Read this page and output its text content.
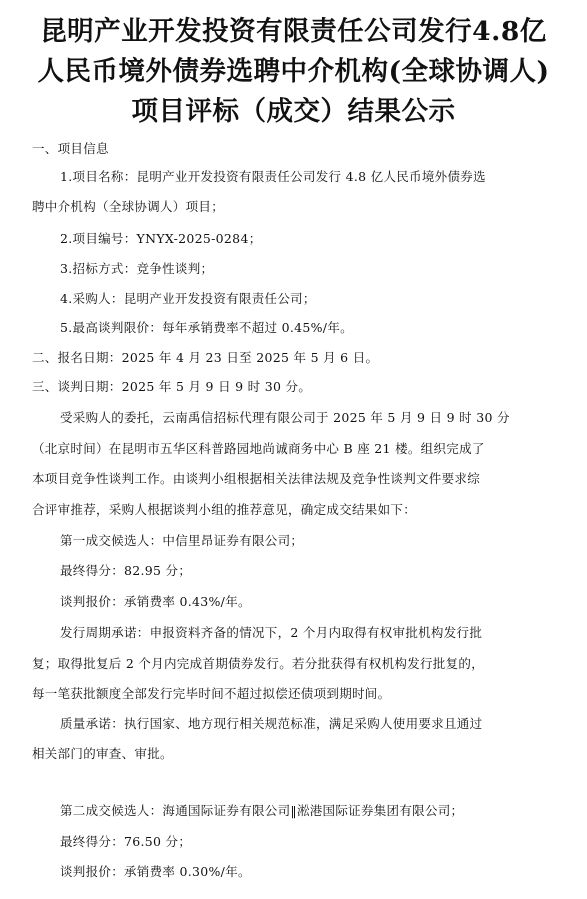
昆明产业开发投资有限责任公司发行4.8亿
人民币境外债券选聘中介机构(全球协调人)
项目评标（成交）结果公示
一、项目信息
1.项目名称：昆明产业开发投资有限责任公司发行 4.8 亿人民币境外债券选
聘中介机构（全球协调人）项目；
2.项目编号：YNYX-2025-0284；
3.招标方式：竞争性谈判；
4.采购人：昆明产业开发投资有限责任公司；
5.最高谈判限价：每年承销费率不超过 0.45%/年。
二、报名日期：2025 年 4 月 23 日至 2025 年 5 月 6 日。
三、谈判日期：2025 年 5 月 9 日 9 时 30 分。
受采购人的委托，云南禹信招标代理有限公司于 2025 年 5 月 9 日 9 时 30 分
（北京时间）在昆明市五华区科普路园地尚诚商务中心 B 座 21 楼。组织完成了
本项目竞争性谈判工作。由谈判小组根据相关法律法规及竞争性谈判文件要求综
合评审推荐，采购人根据谈判小组的推荐意见，确定成交结果如下：
第一成交候选人：中信里昂证券有限公司；
最终得分：82.95 分；
谈判报价：承销费率 0.43%/年。
发行周期承诺：申报资料齐备的情况下，2 个月内取得有权审批机构发行批
复；取得批复后 2 个月内完成首期债券发行。若分批获得有权机构发行批复的，
每一笔获批额度全部发行完毕时间不超过拟偿还债项到期时间。
质量承诺：执行国家、地方现行相关规范标准，满足采购人使用要求且通过
相关部门的审查、审批。
第二成交候选人：海通国际证券有限公司‖淞港国际证券集团有限公司；
最终得分：76.50 分；
谈判报价：承销费率 0.30%/年。
